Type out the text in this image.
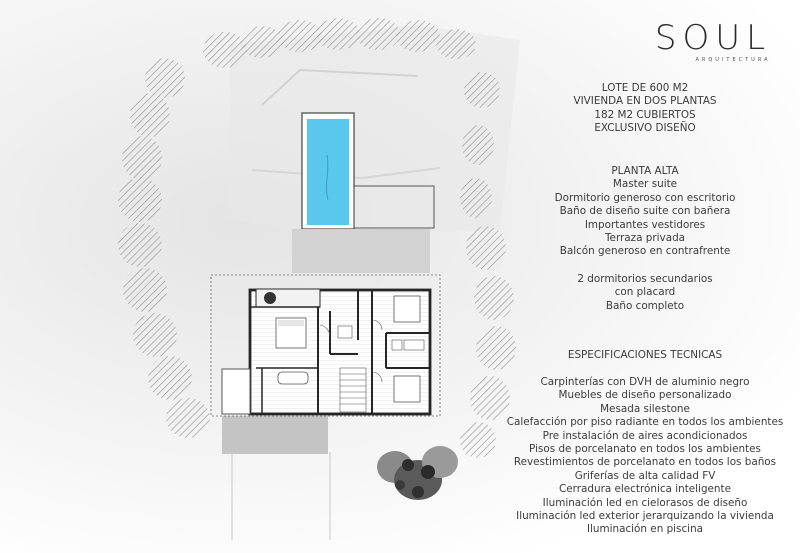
SOUL
ARQUITECTURA
LOTE DE 600 M2
VIVIENDA EN DOS PLANTAS
182 M2 CUBIERTOS
EXCLUSIVO DISEÑO
PLANTA ALTA
Master suite
Dormitorio generoso con escritorio
Baño de diseño suite con bañera
Importantes vestidores
Terraza privada
Balcón generoso en contrafrente
2 dormitorios secundarios
con placard
Baño completo
ESPECIFICACIONES TECNICAS
Carpinterías con DVH de aluminio negro
Muebles de diseño personalizado
Mesada silestone
Calefacción por piso radiante en todos los ambientes
Pre instalación de aires acondicionados
Pisos de porcelanato en todos los ambientes
Revestimientos de porcelanato en todos los baños
Griferías de alta calidad FV
Cerradura electrónica inteligente
Iluminación led en cielorasos de diseño
Iluminación led exterior jerarquizando la vivienda
Iluminación en piscina
